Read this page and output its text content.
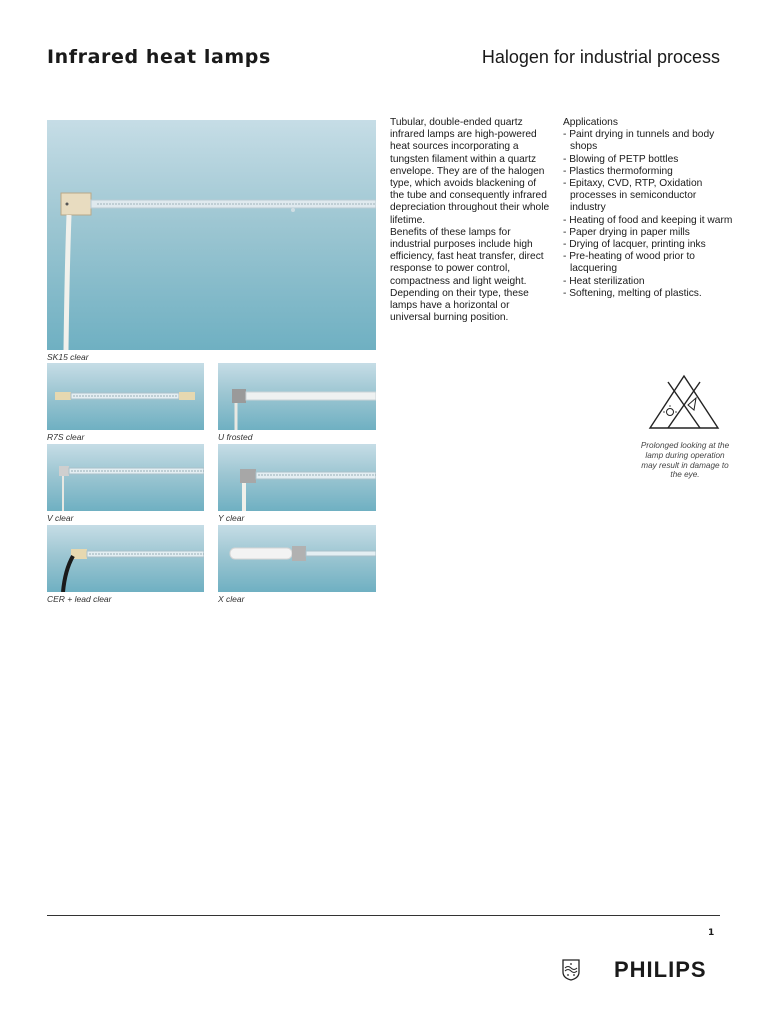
Infrared heat lamps	Halogen for industrial process
SK15 clear
R7S clear	U frosted
V clear	Y clear
CER + lead clear	X clear

Tubular, double-ended quartz infrared lamps are high-powered heat sources incorporating a tungsten filament within a quartz envelope. They are of the halogen type, which avoids blackening of the tube and consequently infrared depreciation throughout their whole lifetime.

Benefits of these lamps for industrial purposes include high efficiency, fast heat transfer, direct response to power control, compactness and light weight.

Depending on their type, these lamps have a horizontal or universal burning position.

Applications
- Paint drying in tunnels and body shops
- Blowing of PETP bottles
- Plastics thermoforming
- Epitaxy, CVD, RTP, Oxidation processes in semiconductor industry
- Heating of food and keeping it warm
- Paper drying in paper mills
- Drying of lacquer, printing inks
- Pre-heating of wood prior to lacquering
- Heat sterilization
- Softening, melting of plastics.
Prolonged looking at the lamp during operation may result in damage to the eye.
1
PHILIPS
